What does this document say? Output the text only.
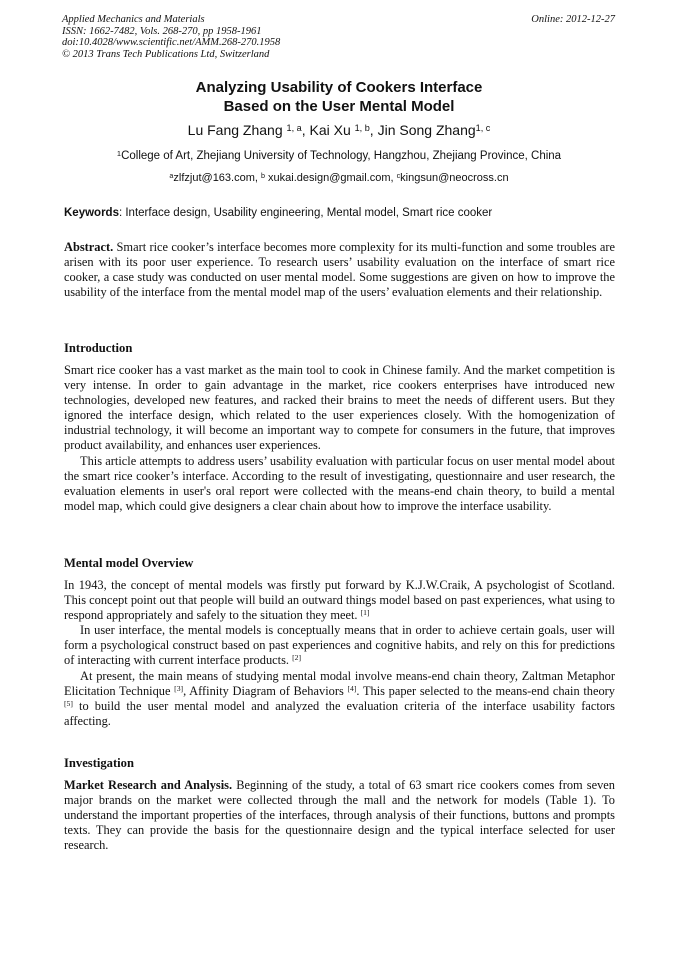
Applied Mechanics and Materials
ISSN: 1662-7482, Vols. 268-270, pp 1958-1961
doi:10.4028/www.scientific.net/AMM.268-270.1958
© 2013 Trans Tech Publications Ltd, Switzerland
Online: 2012-12-27
Analyzing Usability of Cookers Interface
Based on the User Mental Model
Lu Fang Zhang $^{1, a}$, Kai Xu $^{1, b}$, Jin Song Zhang$^{1, c}$
$^1$College of Art, Zhejiang University of Technology, Hangzhou, Zhejiang Province, China
$^a$zlfzjut@163.com, $^b$ xukai.design@gmail.com, $^c$kingsun@neocross.cn
Keywords: Interface design, Usability engineering, Mental model, Smart rice cooker

Abstract. Smart rice cooker’s interface becomes more complexity for its multi-function and some troubles are arisen with its poor user experience. To research users’ usability evaluation on the interface of smart rice cooker, a case study was conducted on user mental model. Some suggestions are given on how to improve the usability of the interface from the mental model map of the users’ evaluation elements and their relationship.

Introduction

Smart rice cooker has a vast market as the main tool to cook in Chinese family. And the market competition is very intense. In order to gain advantage in the market, rice cookers enterprises have introduced new technologies, developed new features, and racked their brains to meet the needs of different users. But they ignored the interface design, which related to the user experiences closely. With the homogenization of industrial technology, it will become an important way to compete for consumers in the future, that improves product availability, and enhances user experiences.

This article attempts to address users’ usability evaluation with particular focus on user mental model about the smart rice cooker’s interface. According to the result of investigating, questionnaire and user research, the evaluation elements in user's oral report were collected with the means-end chain theory, to build a mental model map, which could give designers a clear chain about how to improve the interface usability.

Mental model Overview

In 1943, the concept of mental models was firstly put forward by K.J.W.Craik, A psychologist of Scotland. This concept point out that people will build an outward things model based on past experiences, what using to respond appropriately and safely to the situation they meet. [1]

In user interface, the mental models is conceptually means that in order to achieve certain goals, user will form a psychological construct based on past experiences and cognitive habits, and rely on this for predictions of interacting with current interface products. [2]

At present, the main means of studying mental modal involve means-end chain theory, Zaltman Metaphor Elicitation Technique [3], Affinity Diagram of Behaviors [4]. This paper selected to the means-end chain theory [5] to build the user mental model and analyzed the evaluation criteria of the interface usability factors affecting.

Investigation

Market Research and Analysis. Beginning of the study, a total of 63 smart rice cookers comes from seven major brands on the market were collected through the mall and the network for models (Table 1). To understand the important properties of the interfaces, through analysis of their functions, buttons and prompts texts. They can provide the basis for the questionnaire design and the typical interface selected for user research.
